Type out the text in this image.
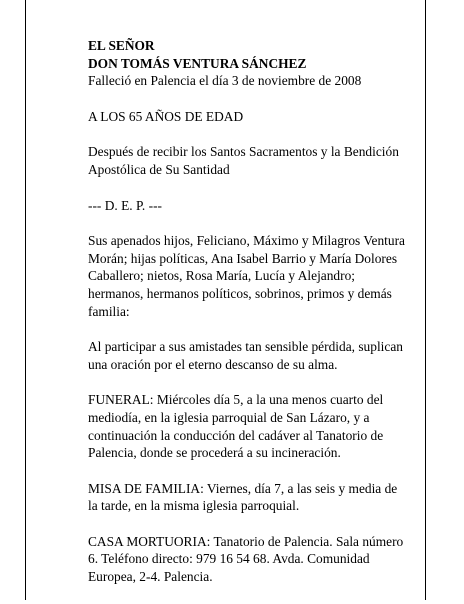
EL SEÑOR
DON TOMÁS VENTURA SÁNCHEZ
Falleció en Palencia el día 3 de noviembre de 2008

A LOS 65 AÑOS DE EDAD

Después de recibir los Santos Sacramentos y la Bendición Apostólica de Su Santidad

--- D. E. P. ---

Sus apenados hijos, Feliciano, Máximo y Milagros Ventura Morán; hijas políticas, Ana Isabel Barrio y María Dolores Caballero; nietos, Rosa María, Lucía y Alejandro; hermanos, hermanos políticos, sobrinos, primos y demás familia:

Al participar a sus amistades tan sensible pérdida, suplican una oración por el eterno descanso de su alma.

FUNERAL: Miércoles día 5, a la una menos cuarto del mediodía, en la iglesia parroquial de San Lázaro, y a continuación la conducción del cadáver al Tanatorio de Palencia, donde se procederá a su incineración.

MISA DE FAMILIA: Viernes, día 7, a las seis y media de la tarde, en la misma iglesia parroquial.

CASA MORTUORIA: Tanatorio de Palencia. Sala número 6. Teléfono directo: 979 16 54 68. Avda. Comunidad Europea, 2-4. Palencia.
